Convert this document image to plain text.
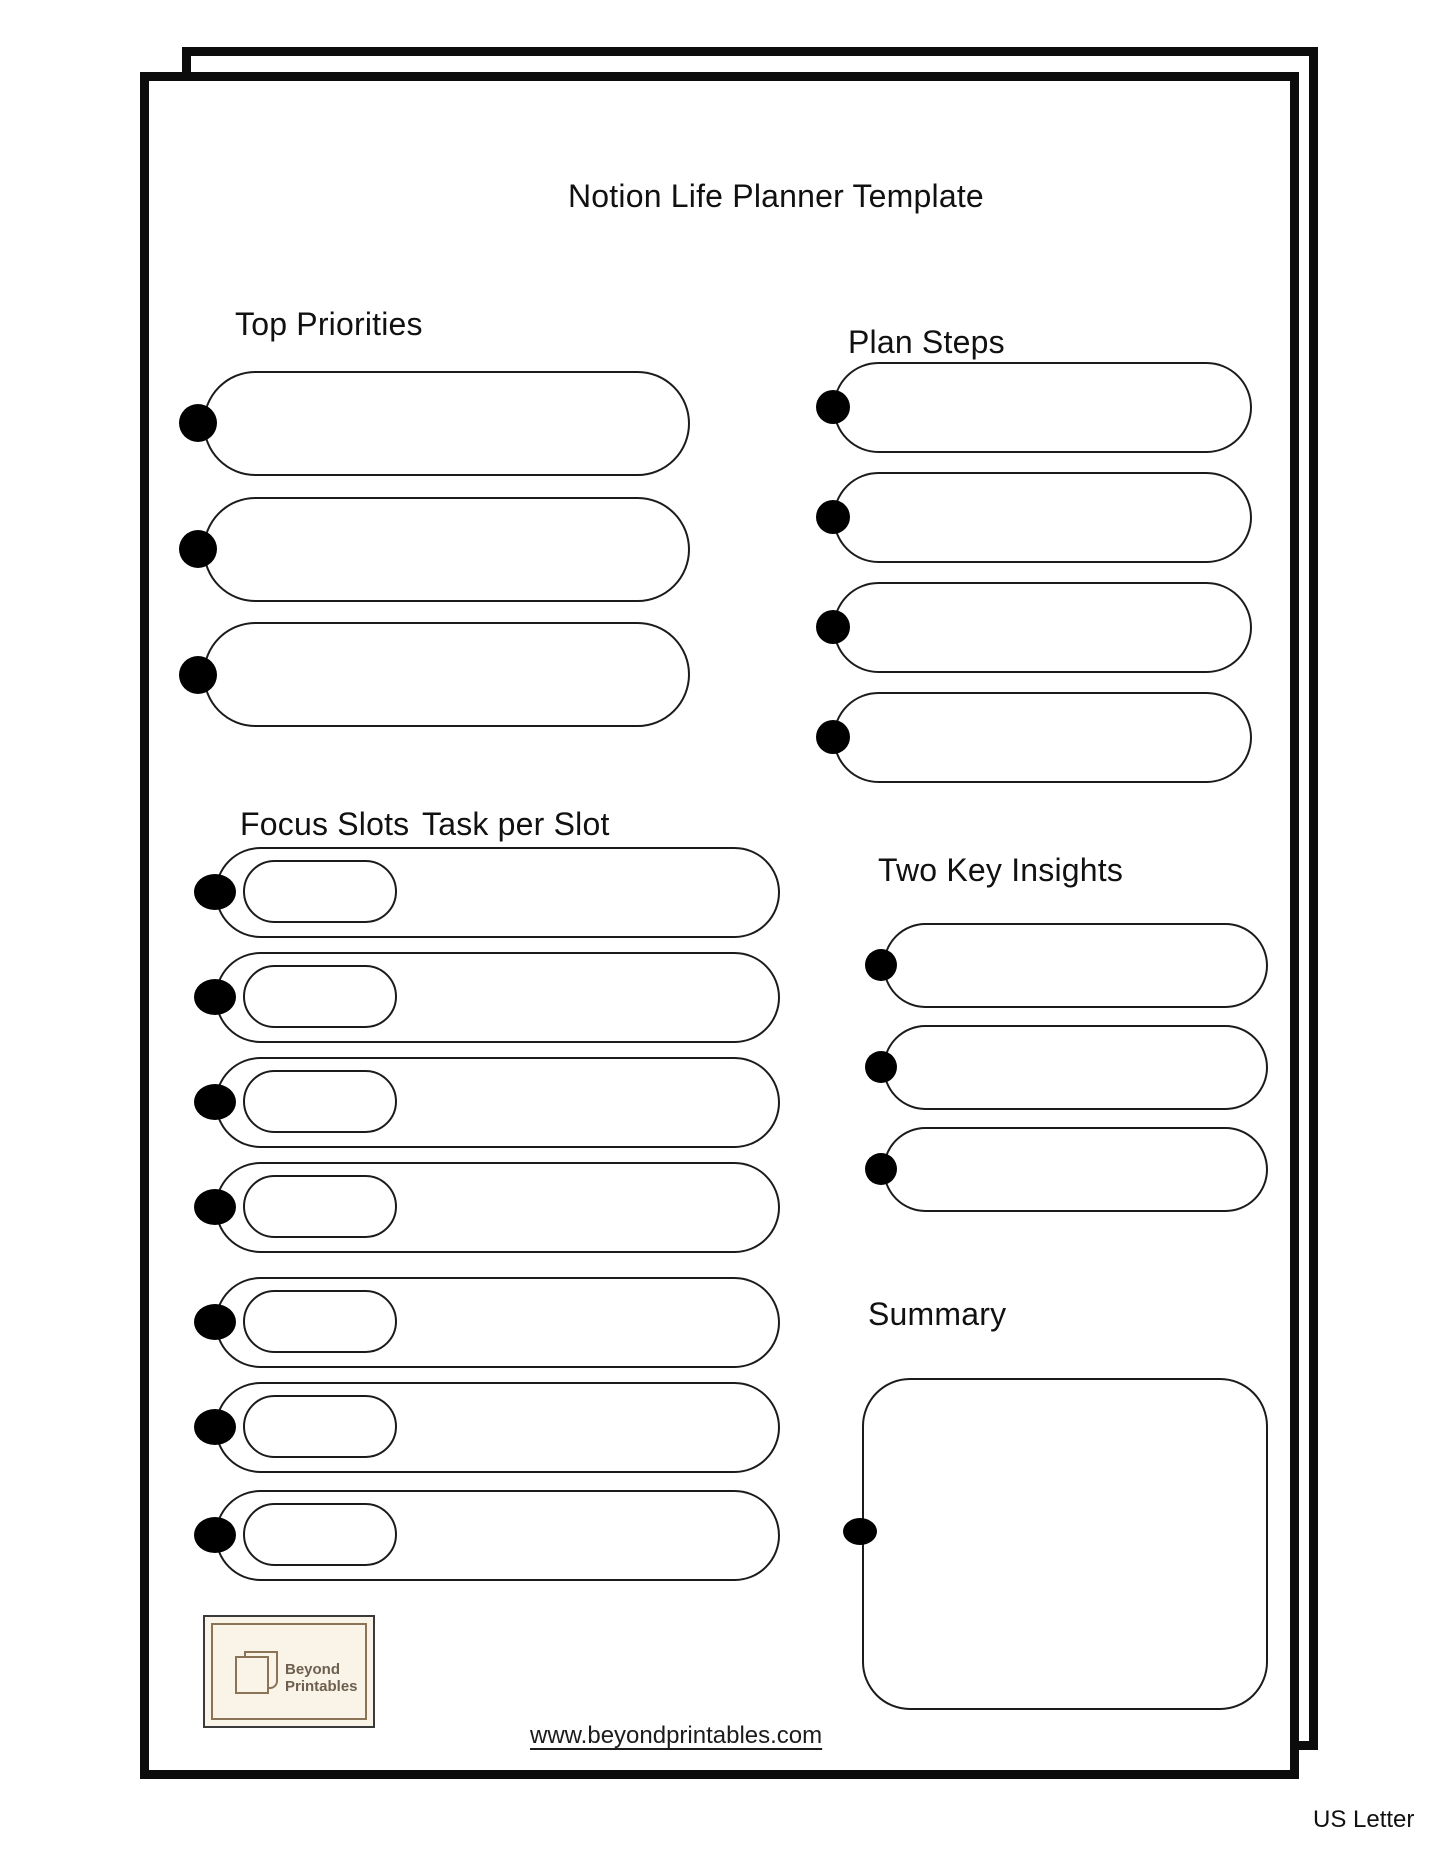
Notion Life Planner Template
Top Priorities	Plan Steps
Focus Slots Task per Slot
Two Key Insights
Summary
Beyond
Printables
www.beyondprintables.com
US Letter
